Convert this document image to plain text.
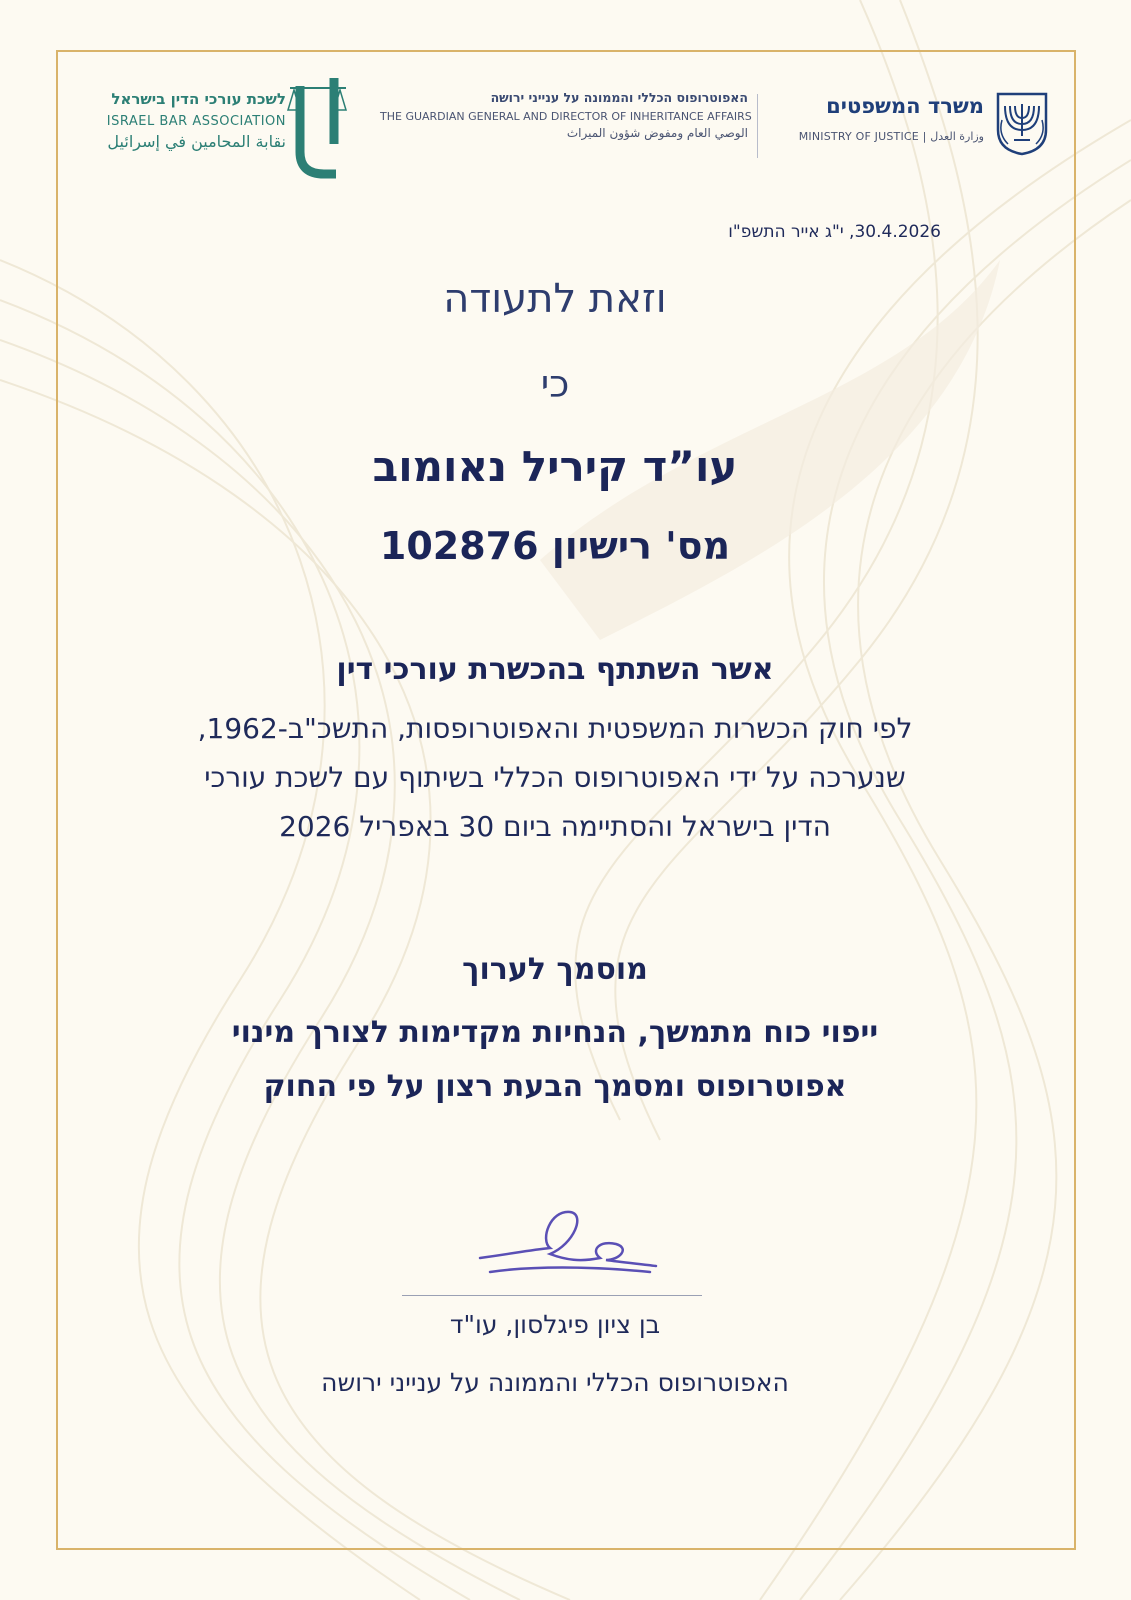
לשכת עורכי הדין בישראל
ISRAEL BAR ASSOCIATION
نقابة المحامين في إسرائيل
האפוטרופוס הכללי והממונה על ענייני ירושה
THE GUARDIAN GENERAL AND DIRECTOR OF INHERITANCE AFFAIRS
الوصي العام ومفوض شؤون الميراث
משרד המשפטים
MINISTRY OF JUSTICE | وزارة العدل
30.4.2026, י"ג אייר התשפ"ו
וזאת לתעודה
כי
עו”ד קיריל נאומוב
מס' רישיון 102876
אשר השתתף בהכשרת עורכי דין
לפי חוק הכשרות המשפטית והאפוטרופסות, התשכ"ב-1962, שנערכה על ידי האפוטרופוס הכללי בשיתוף עם לשכת עורכי הדין בישראל והסתיימה ביום 30 באפריל 2026
מוסמך לערוך
ייפוי כוח מתמשך, הנחיות מקדימות לצורך מינוי אפוטרופוס ומסמך הבעת רצון על פי החוק
בן ציון פיגלסון, עו"ד
האפוטרופוס הכללי והממונה על ענייני ירושה
